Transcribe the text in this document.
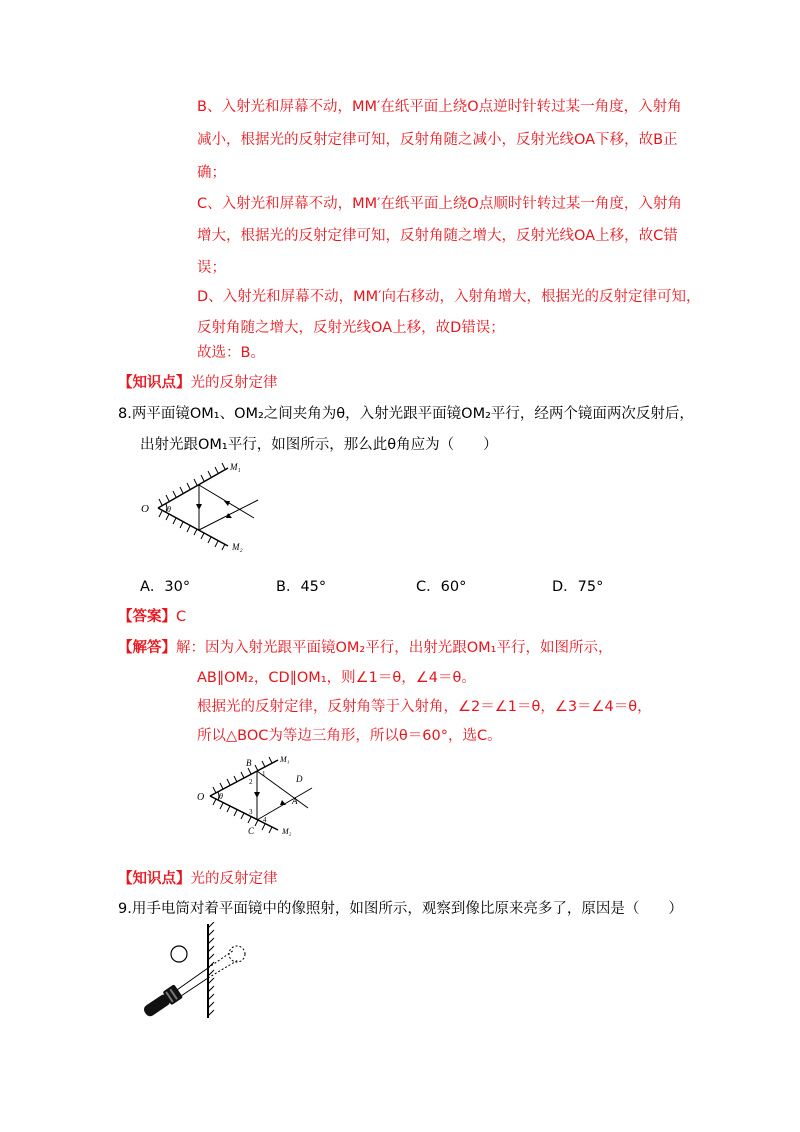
B、入射光和屏幕不动，MM′在纸平面上绕O点逆时针转过某一角度，入射角
减小，根据光的反射定律可知，反射角随之减小，反射光线OA下移，故B正
确；
C、入射光和屏幕不动，MM′在纸平面上绕O点顺时针转过某一角度，入射角
增大，根据光的反射定律可知，反射角随之增大，反射光线OA上移，故C错
误；
D、入射光和屏幕不动，MM′向右移动，入射角增大，根据光的反射定律可知，
反射角随之增大，反射光线OA上移，故D错误；
故选：B。
【知识点】光的反射定律
8.两平面镜OM₁、OM₂之间夹角为θ，入射光跟平面镜OM₂平行，经两个镜面两次反射后，
出射光跟OM₁平行，如图所示，那么此θ角应为（　　）
O θ
M₁
M₂
A．30°	B．45°	C．60°	D．75°
【答案】C
【解答】解：因为入射光跟平面镜OM₂平行，出射光跟OM₁平行，如图所示，
AB∥OM₂，CD∥OM₁，则∠1＝θ，∠4＝θ。
根据光的反射定律，反射角等于入射角，∠2＝∠1＝θ，∠3＝∠4＝θ，
所以△BOC为等边三角形，所以θ＝60°，选C。
O θ
B
C
D
A
M₁
M₂
1
2
3
4
【知识点】光的反射定律
9.用手电筒对着平面镜中的像照射，如图所示，观察到像比原来亮多了，原因是（　　）
